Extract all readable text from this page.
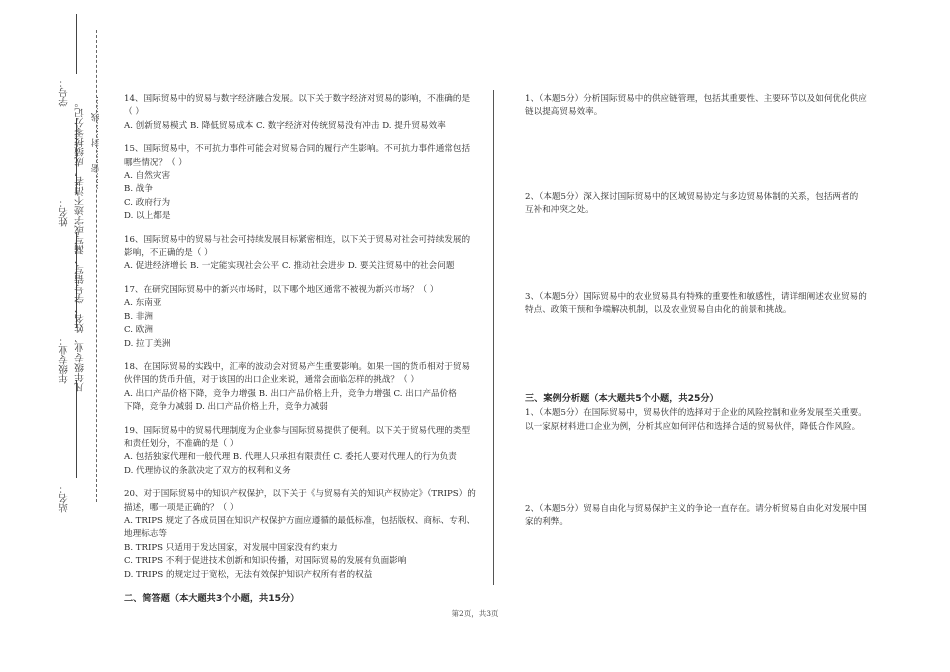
学号：
姓名：
年级专业：
站名：
凡年级专业、姓名、学号错写、漏写或字迹不清者，成绩按零分记。 ……密……封……线……	14、国际贸易中的贸易与数字经济融合发展。以下关于数字经济对贸易的影响，不准确的是

（ ）

A. 创新贸易模式 B. 降低贸易成本 C. 数字经济对传统贸易没有冲击 D. 提升贸易效率

15、国际贸易中，不可抗力事件可能会对贸易合同的履行产生影响。不可抗力事件通常包括

哪些情况？（ ）

A. 自然灾害

B. 战争

C. 政府行为

D. 以上都是

16、国际贸易中的贸易与社会可持续发展目标紧密相连，以下关于贸易对社会可持续发展的

影响，不正确的是（ ）

A. 促进经济增长 B. 一定能实现社会公平 C. 推动社会进步 D. 要关注贸易中的社会问题

17、在研究国际贸易中的新兴市场时，以下哪个地区通常不被视为新兴市场？（ ）

A. 东南亚

B. 非洲

C. 欧洲

D. 拉丁美洲

18、在国际贸易的实践中，汇率的波动会对贸易产生重要影响。如果一国的货币相对于贸易

伙伴国的货币升值，对于该国的出口企业来说，通常会面临怎样的挑战？（ ）

A. 出口产品价格下降，竞争力增强 B. 出口产品价格上升，竞争力增强 C. 出口产品价格

下降，竞争力减弱 D. 出口产品价格上升，竞争力减弱

19、国际贸易中的贸易代理制度为企业参与国际贸易提供了便利。以下关于贸易代理的类型

和责任划分，不准确的是（ ）

A. 包括独家代理和一般代理 B. 代理人只承担有限责任 C. 委托人要对代理人的行为负责

D. 代理协议的条款决定了双方的权利和义务

20、对于国际贸易中的知识产权保护，以下关于《与贸易有关的知识产权协定》（TRIPS）的

描述，哪一项是正确的？（ ）

A. TRIPS 规定了各成员国在知识产权保护方面应遵循的最低标准，包括版权、商标、专利、

地理标志等

B. TRIPS 只适用于发达国家，对发展中国家没有约束力

C. TRIPS 不利于促进技术创新和知识传播，对国际贸易的发展有负面影响

D. TRIPS 的规定过于宽松，无法有效保护知识产权所有者的权益

二、简答题（本大题共3个小题，共15分）

1、（本题5分）分析国际贸易中的供应链管理，包括其重要性、主要环节以及如何优化供应

链以提高贸易效率。

2、（本题5分）深入探讨国际贸易中的区域贸易协定与多边贸易体制的关系，包括两者的

互补和冲突之处。

3、（本题5分）国际贸易中的农业贸易具有特殊的重要性和敏感性，请详细阐述农业贸易的

特点、政策干预和争端解决机制，以及农业贸易自由化的前景和挑战。

三、案例分析题（本大题共5个小题，共25分）

1、（本题5分）在国际贸易中，贸易伙伴的选择对于企业的风险控制和业务发展至关重要。

以一家原材料进口企业为例，分析其应如何评估和选择合适的贸易伙伴，降低合作风险。

2、（本题5分）贸易自由化与贸易保护主义的争论一直存在。请分析贸易自由化对发展中国

家的利弊。

第2页，共3页
